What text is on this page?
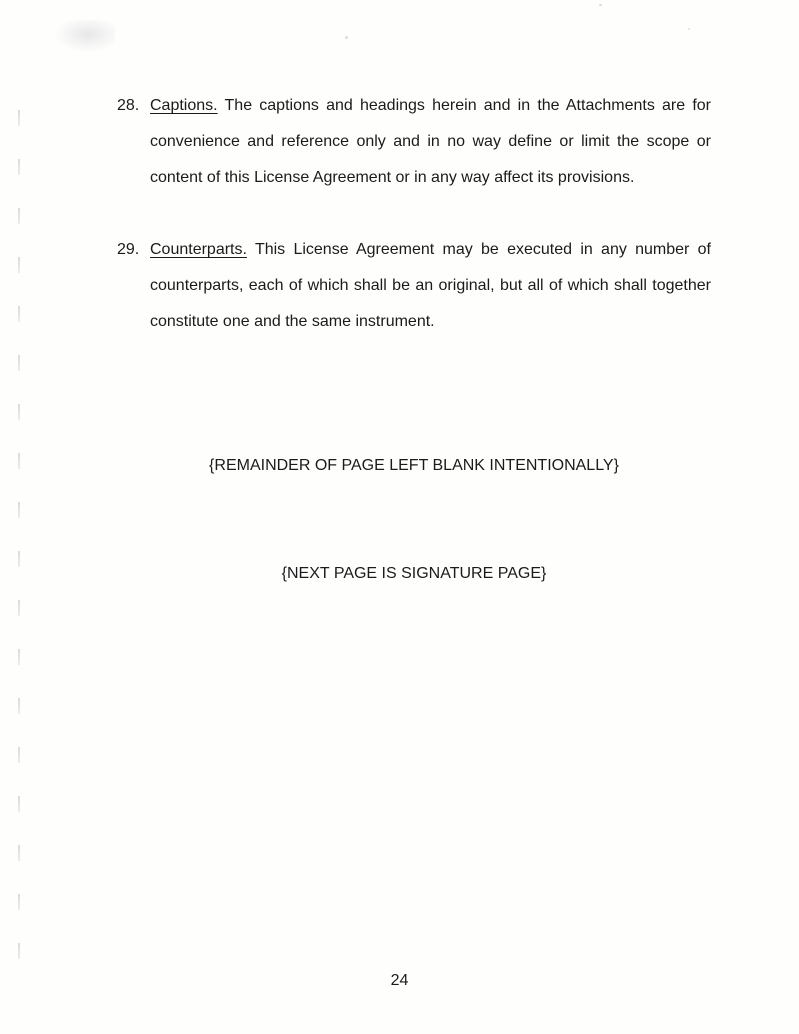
28. Captions. The captions and headings herein and in the Attachments are for convenience and reference only and in no way define or limit the scope or content of this License Agreement or in any way affect its provisions.
29. Counterparts. This License Agreement may be executed in any number of counterparts, each of which shall be an original, but all of which shall together constitute one and the same instrument.
{REMAINDER OF PAGE LEFT BLANK INTENTIONALLY}
{NEXT PAGE IS SIGNATURE PAGE}
24
